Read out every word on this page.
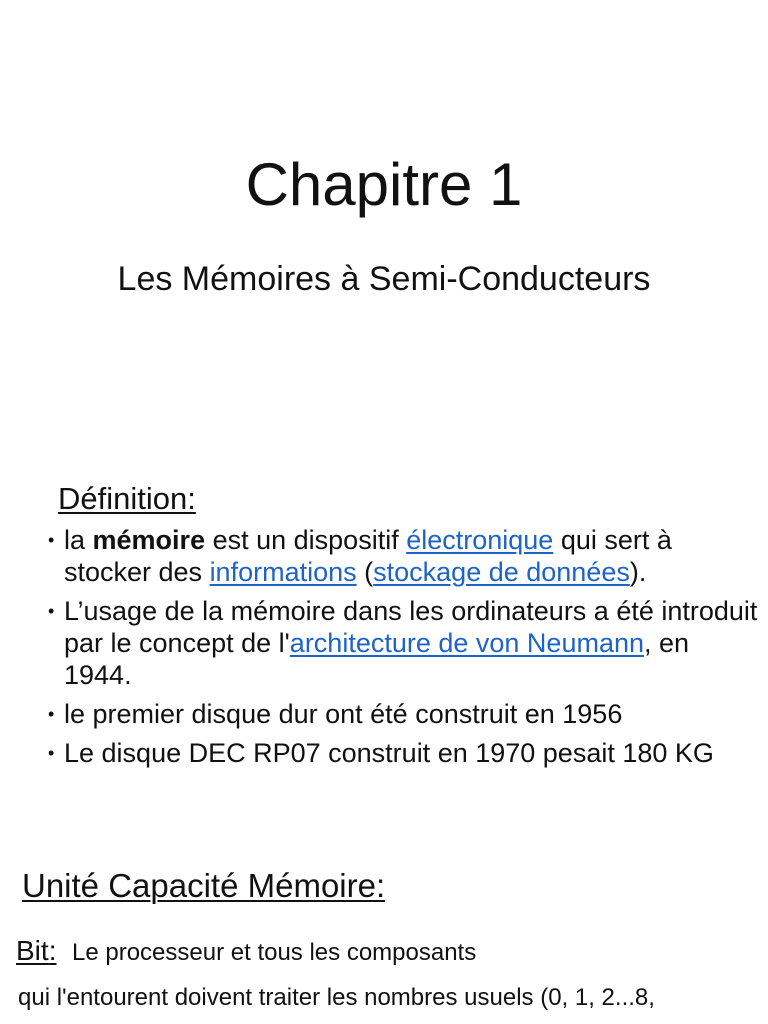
Chapitre 1
Les Mémoires à Semi-Conducteurs
Définition:
• la mémoire est un dispositif électronique qui sert à stocker des informations (stockage de données).
• L’usage de la mémoire dans les ordinateurs a été introduit par le concept de l'architecture de von Neumann, en 1944.
• le premier disque dur ont été construit en 1956
• Le disque DEC RP07 construit en 1970 pesait 180 KG
Unité Capacité Mémoire:
Bit: Le processeur et tous les composants
qui l'entourent doivent traiter les nombres usuels (0, 1, 2...8,
